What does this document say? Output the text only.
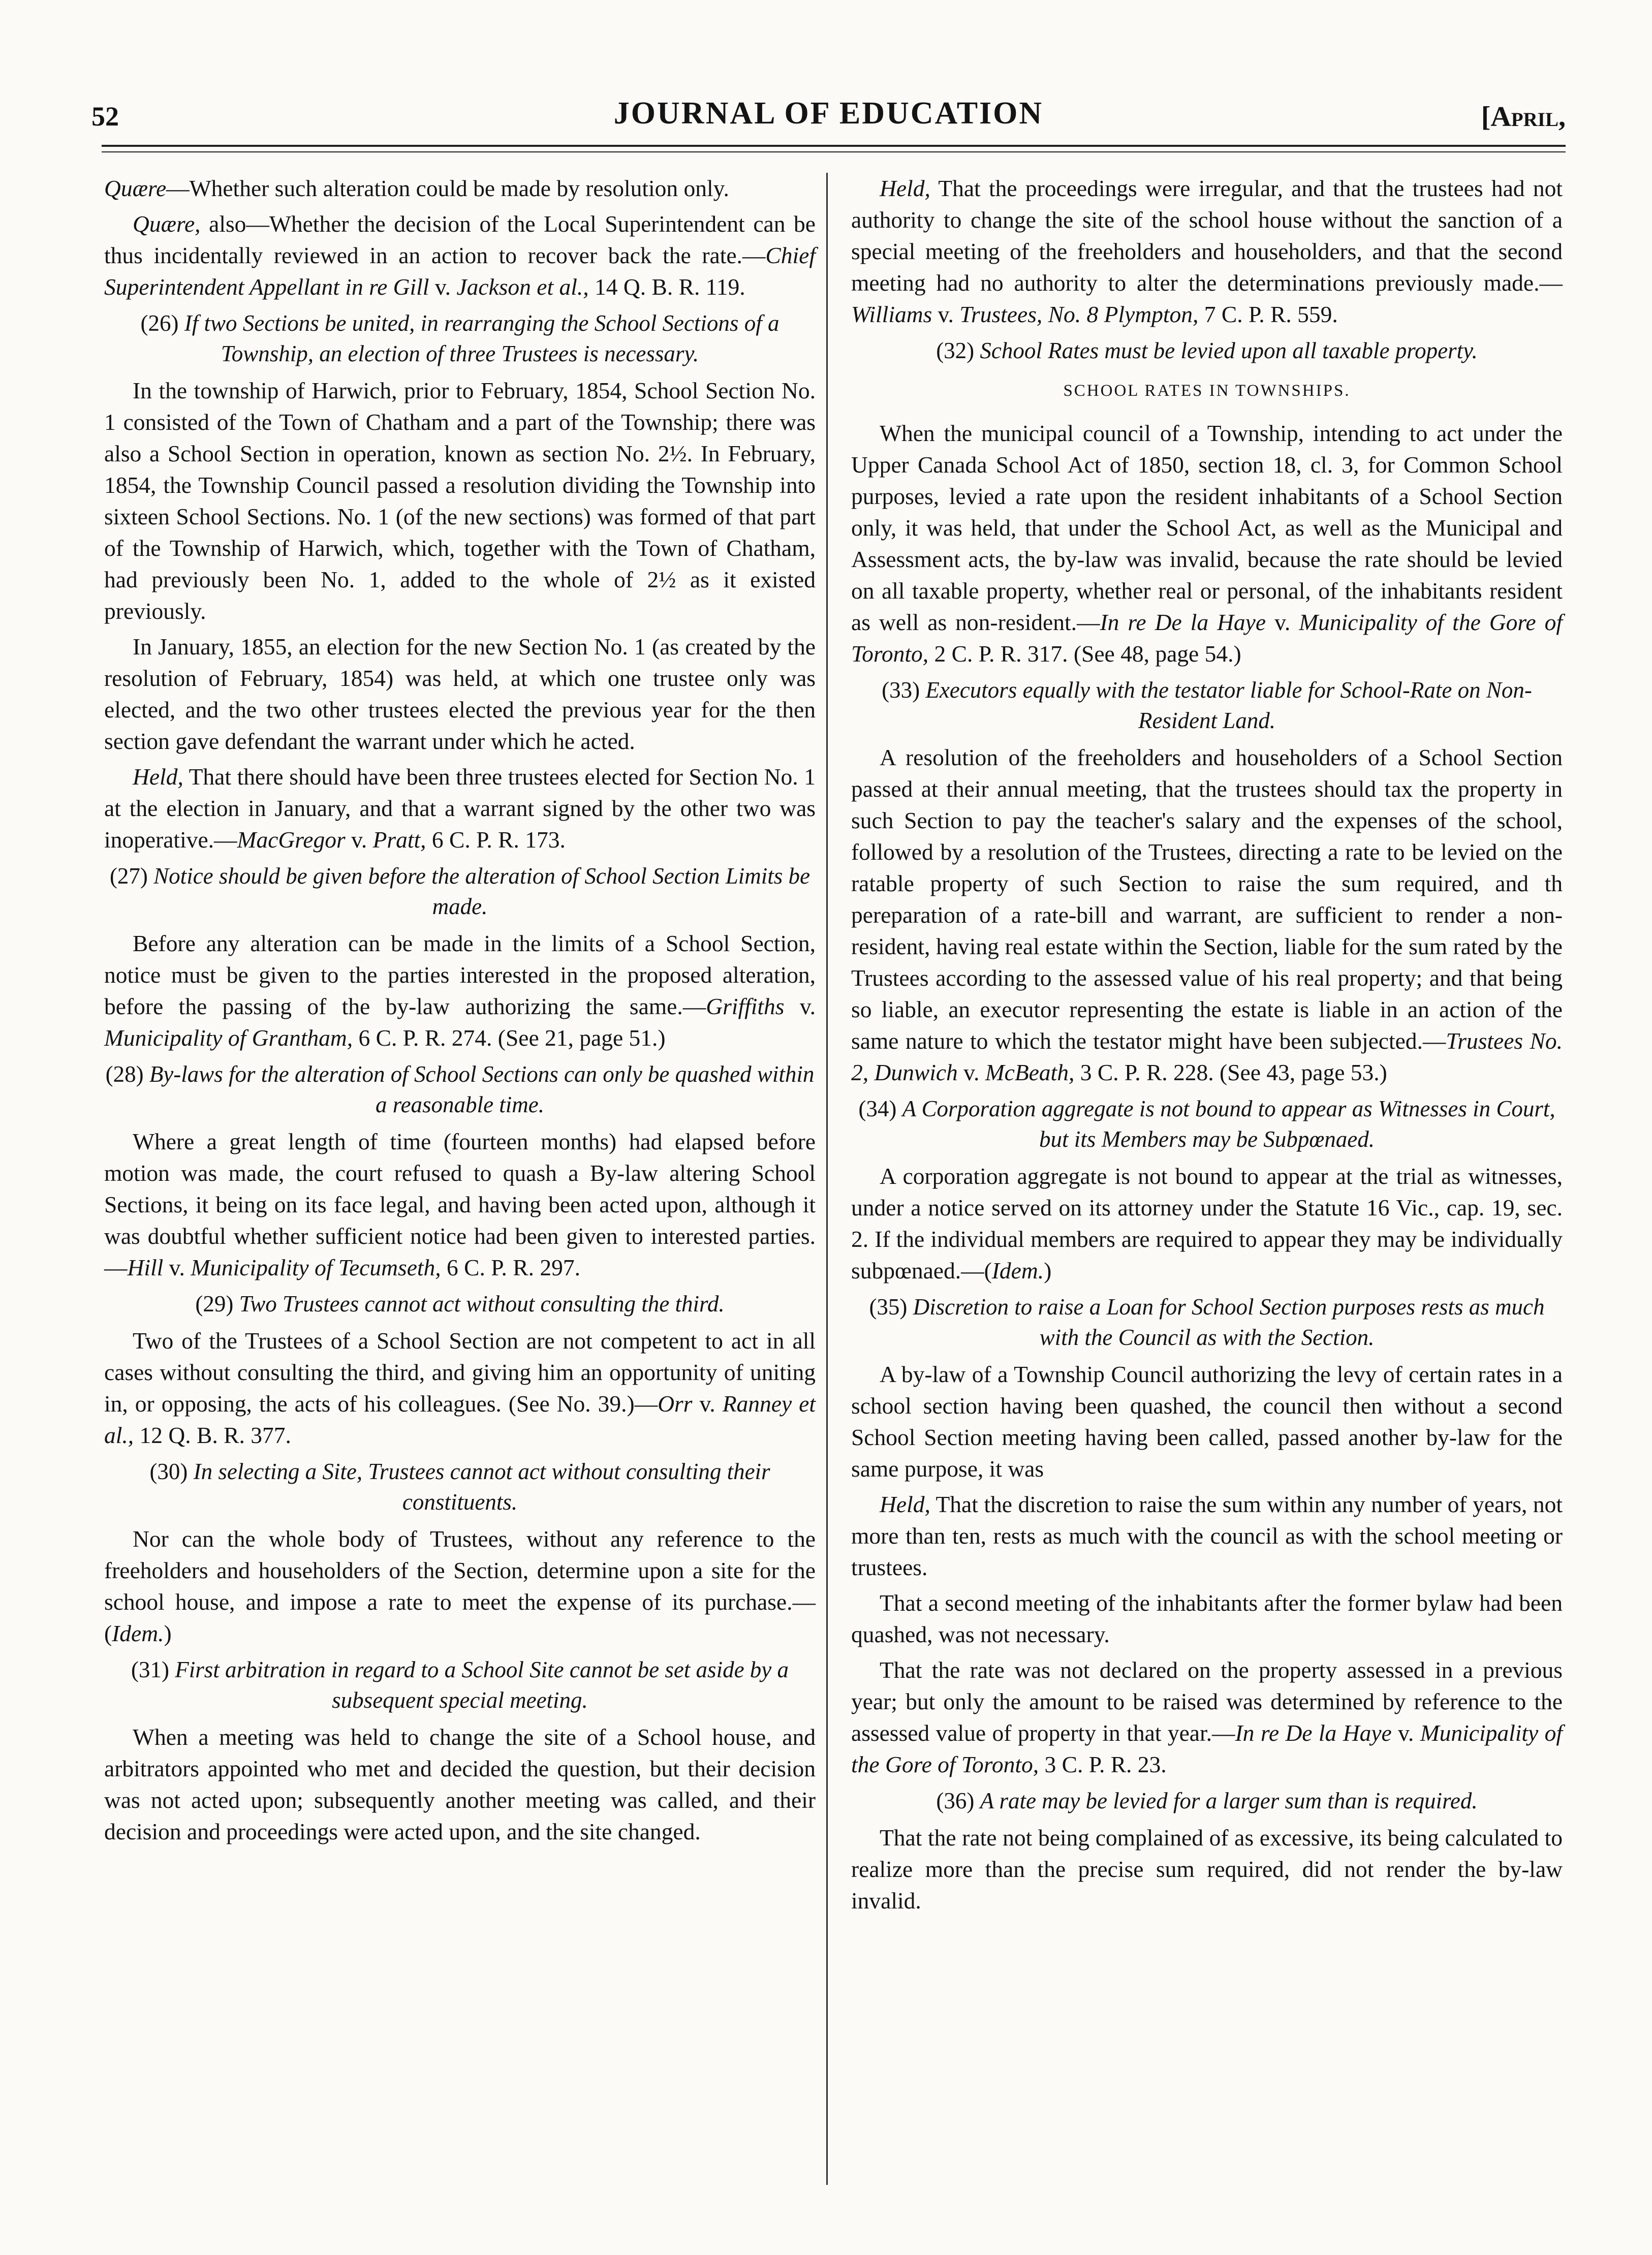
52	JOURNAL OF EDUCATION	[April,

Quære—Whether such alteration could be made by resolution only.

Quære, also—Whether the decision of the Local Superintendent can be thus incidentally reviewed in an action to recover back the rate.—Chief Superintendent Appellant in re Gill v. Jackson et al., 14 Q. B. R. 119.

(26) If two Sections be united, in rearranging the School Sections of a Township, an election of three Trustees is necessary.

In the township of Harwich, prior to February, 1854, School Section No. 1 consisted of the Town of Chatham and a part of the Township; there was also a School Section in operation, known as section No. 2½. In February, 1854, the Township Council passed a resolution dividing the Township into sixteen School Sections. No. 1 (of the new sections) was formed of that part of the Township of Harwich, which, together with the Town of Chatham, had previously been No. 1, added to the whole of 2½ as it existed previously.

In January, 1855, an election for the new Section No. 1 (as created by the resolution of February, 1854) was held, at which one trustee only was elected, and the two other trustees elected the previous year for the then section gave defendant the warrant under which he acted.

Held, That there should have been three trustees elected for Section No. 1 at the election in January, and that a warrant signed by the other two was inoperative.—MacGregor v. Pratt, 6 C. P. R. 173.

(27) Notice should be given before the alteration of School Section Limits be made.

Before any alteration can be made in the limits of a School Section, notice must be given to the parties interested in the proposed alteration, before the passing of the by-law authorizing the same.—Griffiths v. Municipality of Grantham, 6 C. P. R. 274. (See 21, page 51.)

(28) By-laws for the alteration of School Sections can only be quashed within a reasonable time.

Where a great length of time (fourteen months) had elapsed before motion was made, the court refused to quash a By-law altering School Sections, it being on its face legal, and having been acted upon, although it was doubtful whether sufficient notice had been given to interested parties.—Hill v. Municipality of Tecumseth, 6 C. P. R. 297.

(29) Two Trustees cannot act without consulting the third.

Two of the Trustees of a School Section are not competent to act in all cases without consulting the third, and giving him an opportunity of uniting in, or opposing, the acts of his colleagues. (See No. 39.)—Orr v. Ranney et al., 12 Q. B. R. 377.

(30) In selecting a Site, Trustees cannot act without consulting their constituents.

Nor can the whole body of Trustees, without any reference to the freeholders and householders of the Section, determine upon a site for the school house, and impose a rate to meet the expense of its purchase.—(Idem.)

(31) First arbitration in regard to a School Site cannot be set aside by a subsequent special meeting.

When a meeting was held to change the site of a School house, and arbitrators appointed who met and decided the question, but their decision was not acted upon; subsequently another meeting was called, and their decision and proceedings were acted upon, and the site changed.

Held, That the proceedings were irregular, and that the trustees had not authority to change the site of the school house without the sanction of a special meeting of the freeholders and householders, and that the second meeting had no authority to alter the determinations previously made.—Williams v. Trustees, No. 8 Plympton, 7 C. P. R. 559.

(32) School Rates must be levied upon all taxable property.

SCHOOL RATES IN TOWNSHIPS.

When the municipal council of a Township, intending to act under the Upper Canada School Act of 1850, section 18, cl. 3, for Common School purposes, levied a rate upon the resident inhabitants of a School Section only, it was held, that under the School Act, as well as the Municipal and Assessment acts, the by-law was invalid, because the rate should be levied on all taxable property, whether real or personal, of the inhabitants resident as well as non-resident.—In re De la Haye v. Municipality of the Gore of Toronto, 2 C. P. R. 317. (See 48, page 54.)

(33) Executors equally with the testator liable for School-Rate on Non-Resident Land.

A resolution of the freeholders and householders of a School Section passed at their annual meeting, that the trustees should tax the property in such Section to pay the teacher's salary and the expenses of the school, followed by a resolution of the Trustees, directing a rate to be levied on the ratable property of such Section to raise the sum required, and th pereparation of a rate-bill and warrant, are sufficient to render a non-resident, having real estate within the Section, liable for the sum rated by the Trustees according to the assessed value of his real property; and that being so liable, an executor representing the estate is liable in an action of the same nature to which the testator might have been subjected.—Trustees No. 2, Dunwich v. McBeath, 3 C. P. R. 228. (See 43, page 53.)

(34) A Corporation aggregate is not bound to appear as Witnesses in Court, but its Members may be Subpœnaed.

A corporation aggregate is not bound to appear at the trial as witnesses, under a notice served on its attorney under the Statute 16 Vic., cap. 19, sec. 2. If the individual members are required to appear they may be individually subpœnaed.—(Idem.)

(35) Discretion to raise a Loan for School Section purposes rests as much with the Council as with the Section.

A by-law of a Township Council authorizing the levy of certain rates in a school section having been quashed, the council then without a second School Section meeting having been called, passed another by-law for the same purpose, it was

Held, That the discretion to raise the sum within any number of years, not more than ten, rests as much with the council as with the school meeting or trustees.

That a second meeting of the inhabitants after the former bylaw had been quashed, was not necessary.

That the rate was not declared on the property assessed in a previous year; but only the amount to be raised was determined by reference to the assessed value of property in that year.—In re De la Haye v. Municipality of the Gore of Toronto, 3 C. P. R. 23.

(36) A rate may be levied for a larger sum than is required.

That the rate not being complained of as excessive, its being calculated to realize more than the precise sum required, did not render the by-law invalid.
